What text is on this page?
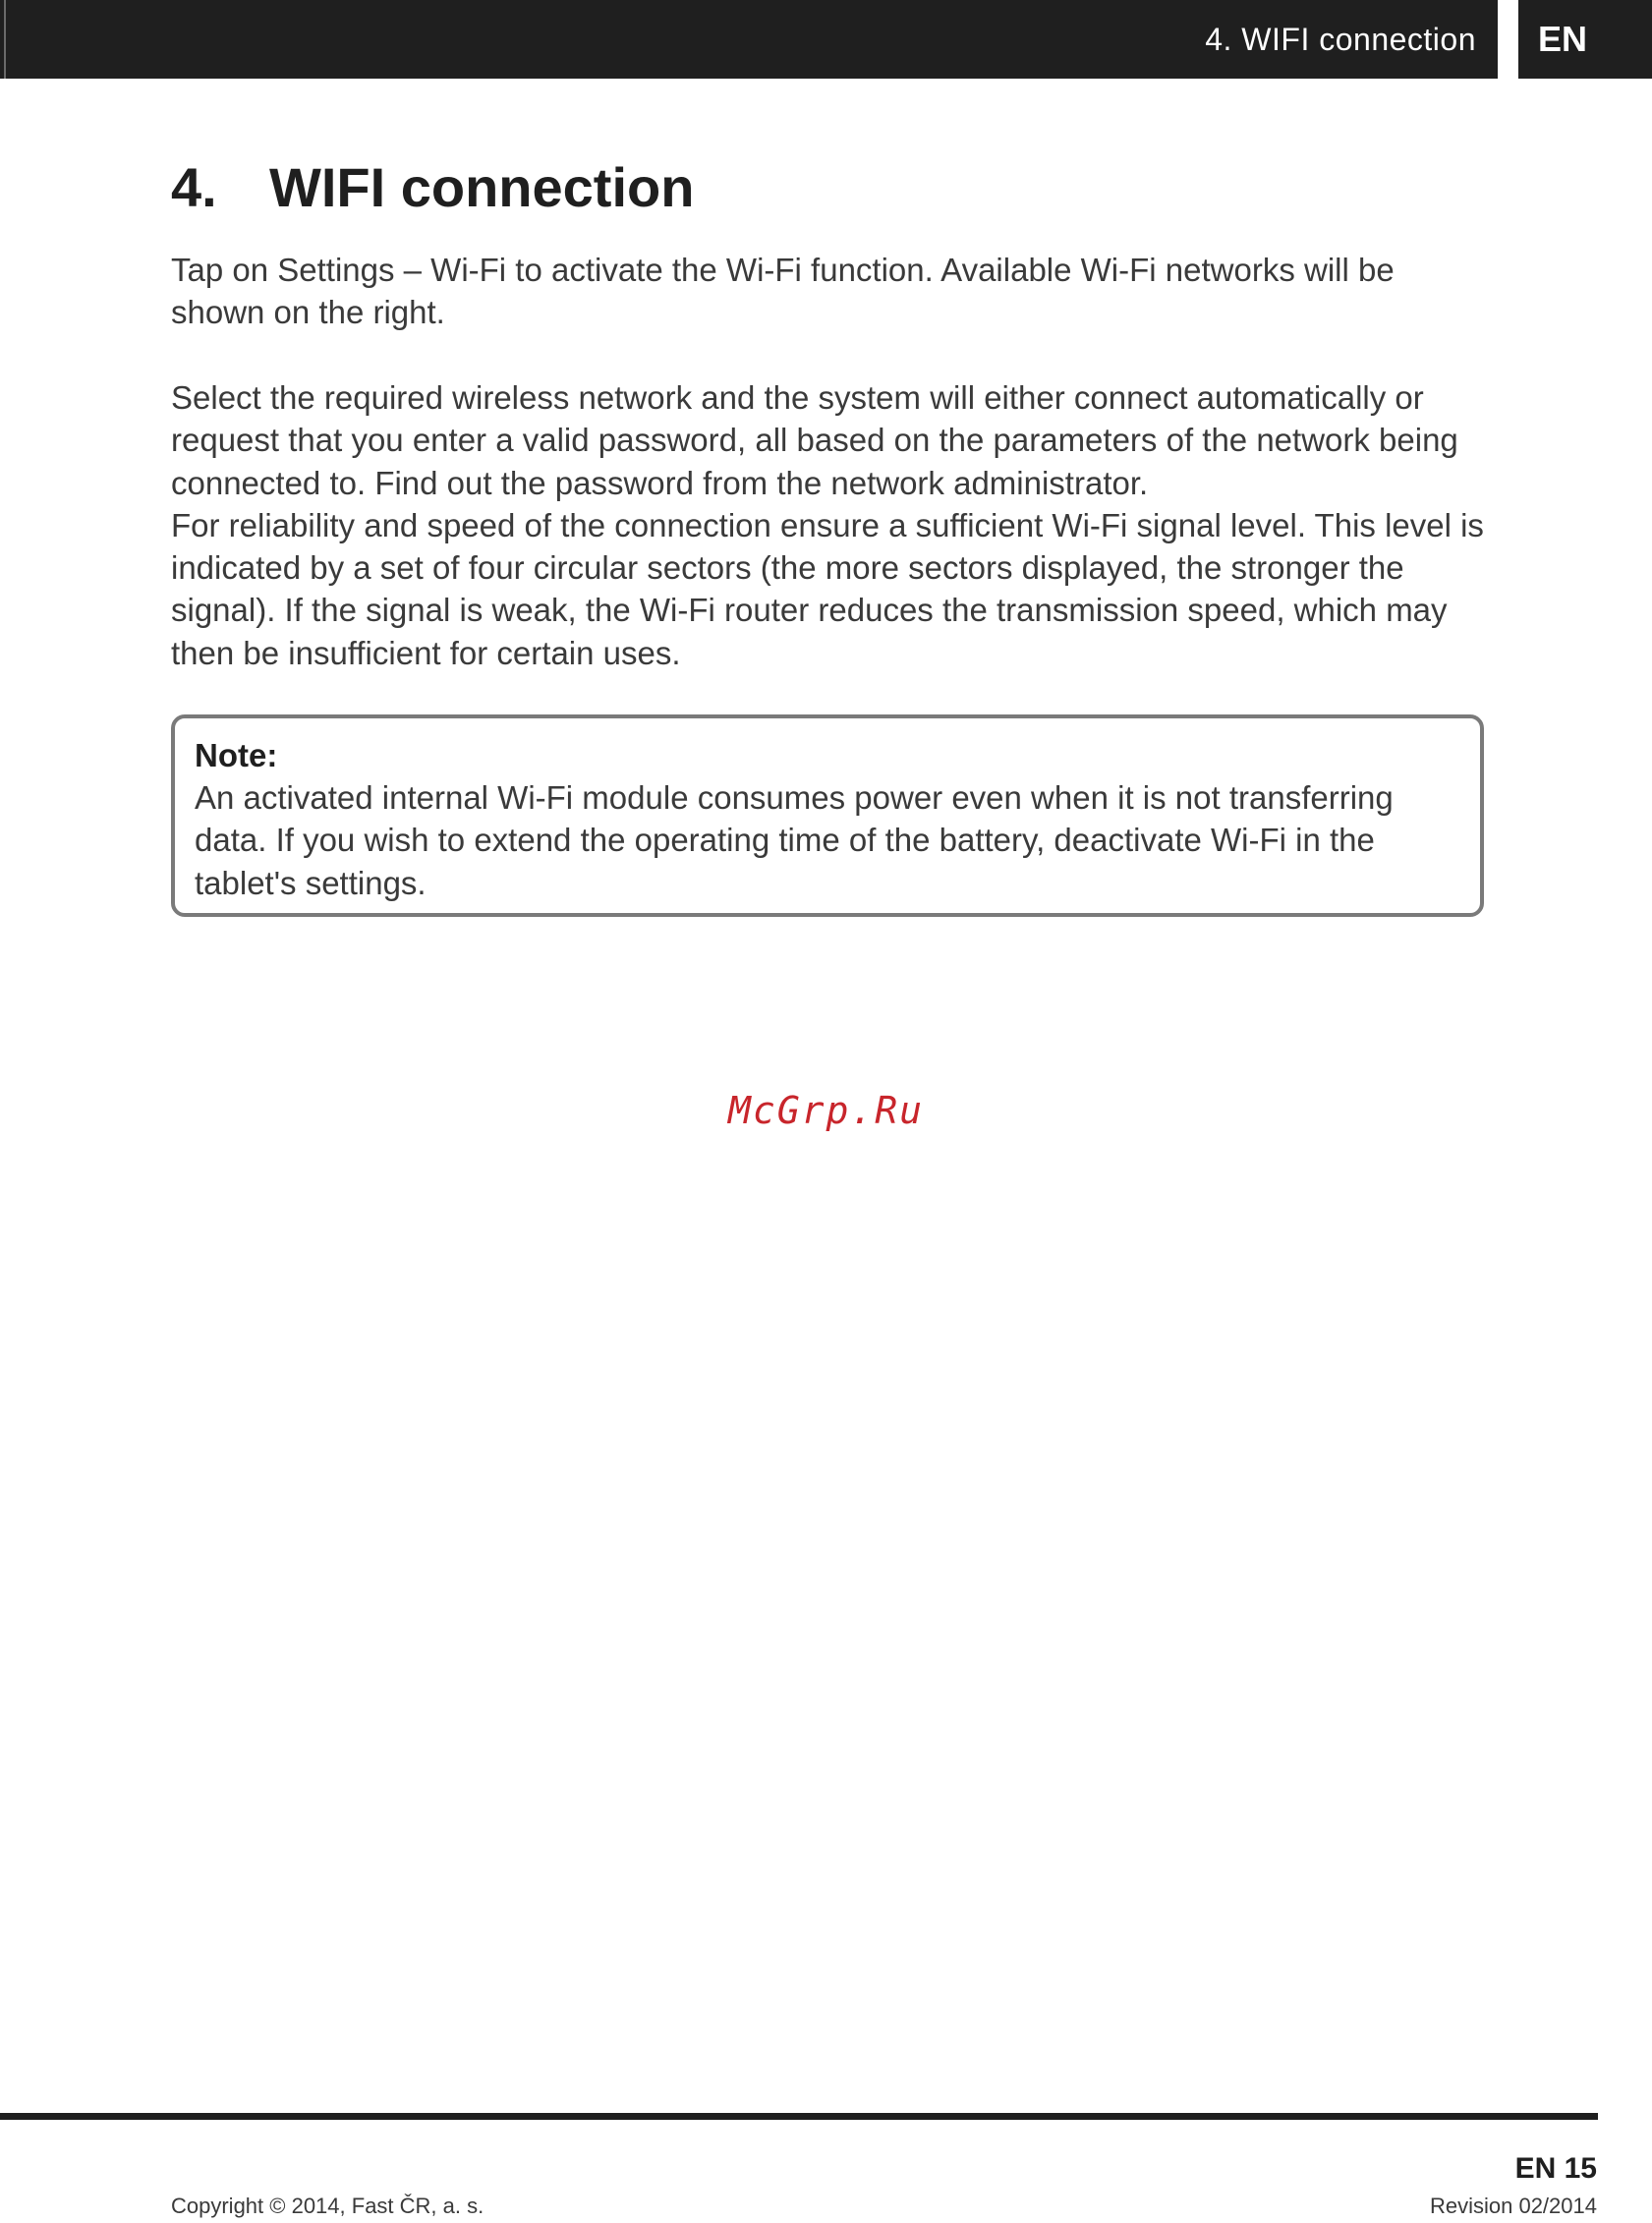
4. WIFI connection	EN
4. WIFI connection

Tap on Settings – Wi-Fi to activate the Wi-Fi function. Available Wi-Fi networks will be shown on the right.

Select the required wireless network and the system will either connect automatically or request that you enter a valid password, all based on the parameters of the network being connected to. Find out the password from the network administrator.

For reliability and speed of the connection ensure a sufficient Wi-Fi signal level. This level is indicated by a set of four circular sectors (the more sectors displayed, the stronger the signal). If the signal is weak, the Wi-Fi router reduces the transmission speed, which may then be insufficient for certain uses.

Note:

An activated internal Wi-Fi module consumes power even when it is not transferring data. If you wish to extend the operating time of the battery, deactivate Wi-Fi in the tablet's settings.

McGrp.Ru
EN 15
Copyright © 2014, Fast ČR, a. s.	Revision 02/2014
